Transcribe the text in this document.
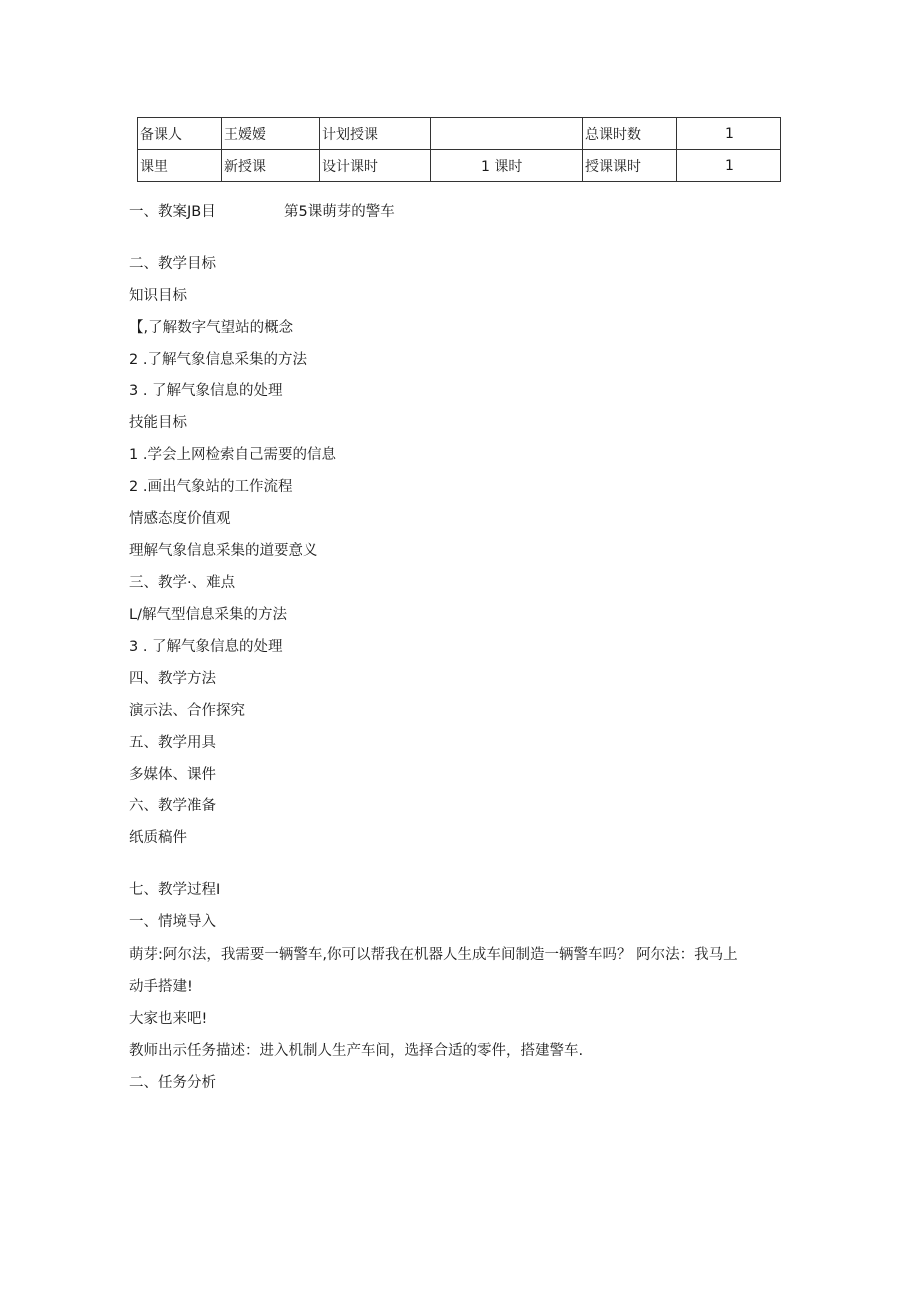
备课人	王嫒嫒	计划授课		总课时数	1
课里	新授课	设计课时	1 课时	授课课时	1
一、教案JB目	第5课萌芽的警车
二、教学目标
知识目标
【,了解数字气望站的概念
2 .了解气象信息采集的方法
3 . 了解气象信息的处理
技能目标
1 .学会上网检索自己需要的信息
2 .画出气象站的工作流程
情感态度价值观
理解气象信息采集的道要意义
三、教学·、难点
L/解气型信息采集的方法
3 . 了解气象信息的处理
四、教学方法
演示法、合作探究
五、教学用具
多媒体、课件
六、教学准备
纸质稿件
七、教学过程I
一、情境导入
萌芽:阿尔法，我需要一辆警车,你可以帮我在机器人生成车间制造一辆警车吗？ 阿尔法：我马上
动手搭建!
大家也来吧!
教师出示任务描述：进入机制人生产车间，选择合适的零件，搭建警车.
二、任务分析
